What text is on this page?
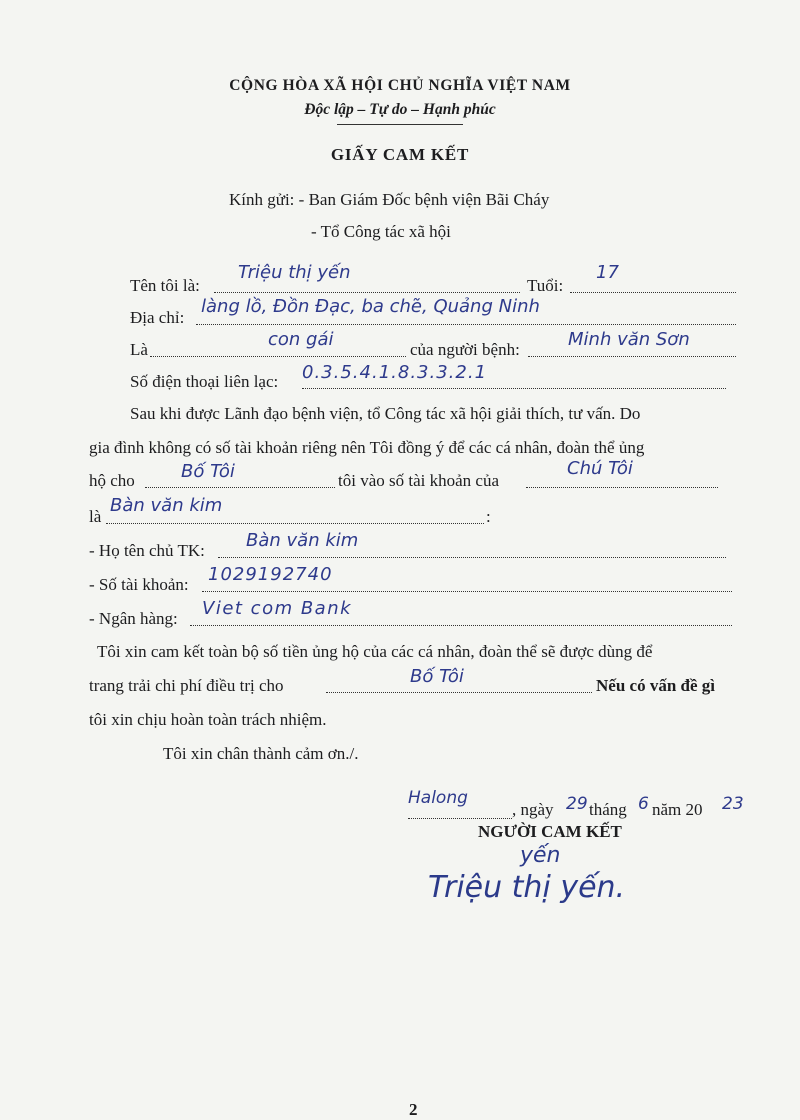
CỘNG HÒA XÃ HỘI CHỦ NGHĨA VIỆT NAM
Độc lập – Tự do – Hạnh phúc
GIẤY CAM KẾT
Kính gửi: - Ban Giám Đốc bệnh viện Bãi Cháy
- Tổ Công tác xã hội
Tên tôi là:
Triệu thị yến
Tuổi:
17
Địa chỉ:
làng lồ, Đồn Đạc, ba chẽ, Quảng Ninh
Là	con gái	của người bệnh:	Minh văn Sơn
Số điện thoại liên lạc: 0.3.5.4.1.8.3.3.2.1
Sau khi được Lãnh đạo bệnh viện, tổ Công tác xã hội giải thích, tư vấn. Do
gia đình không có số tài khoản riêng nên Tôi đồng ý để các cá nhân, đoàn thể ủng
hộ cho	Bố Tôi	tôi vào số tài khoản của
Chú Tôi
là
Bàn văn kim
:
- Họ tên chủ TK: Bàn văn kim
- Số tài khoản: 1029192740
- Ngân hàng: Viet com Bank
Tôi xin cam kết toàn bộ số tiền ủng hộ của các cá nhân, đoàn thể sẽ được dùng để
trang trải chi phí điều trị cho	Bố Tôi	Nếu có vấn đề gì
tôi xin chịu hoàn toàn trách nhiệm.
Tôi xin chân thành cảm ơn./.
Halong
, ngày 29 tháng 6 năm 20 23
NGƯỜI CAM KẾT
yến
Triệu thị yến.
2
